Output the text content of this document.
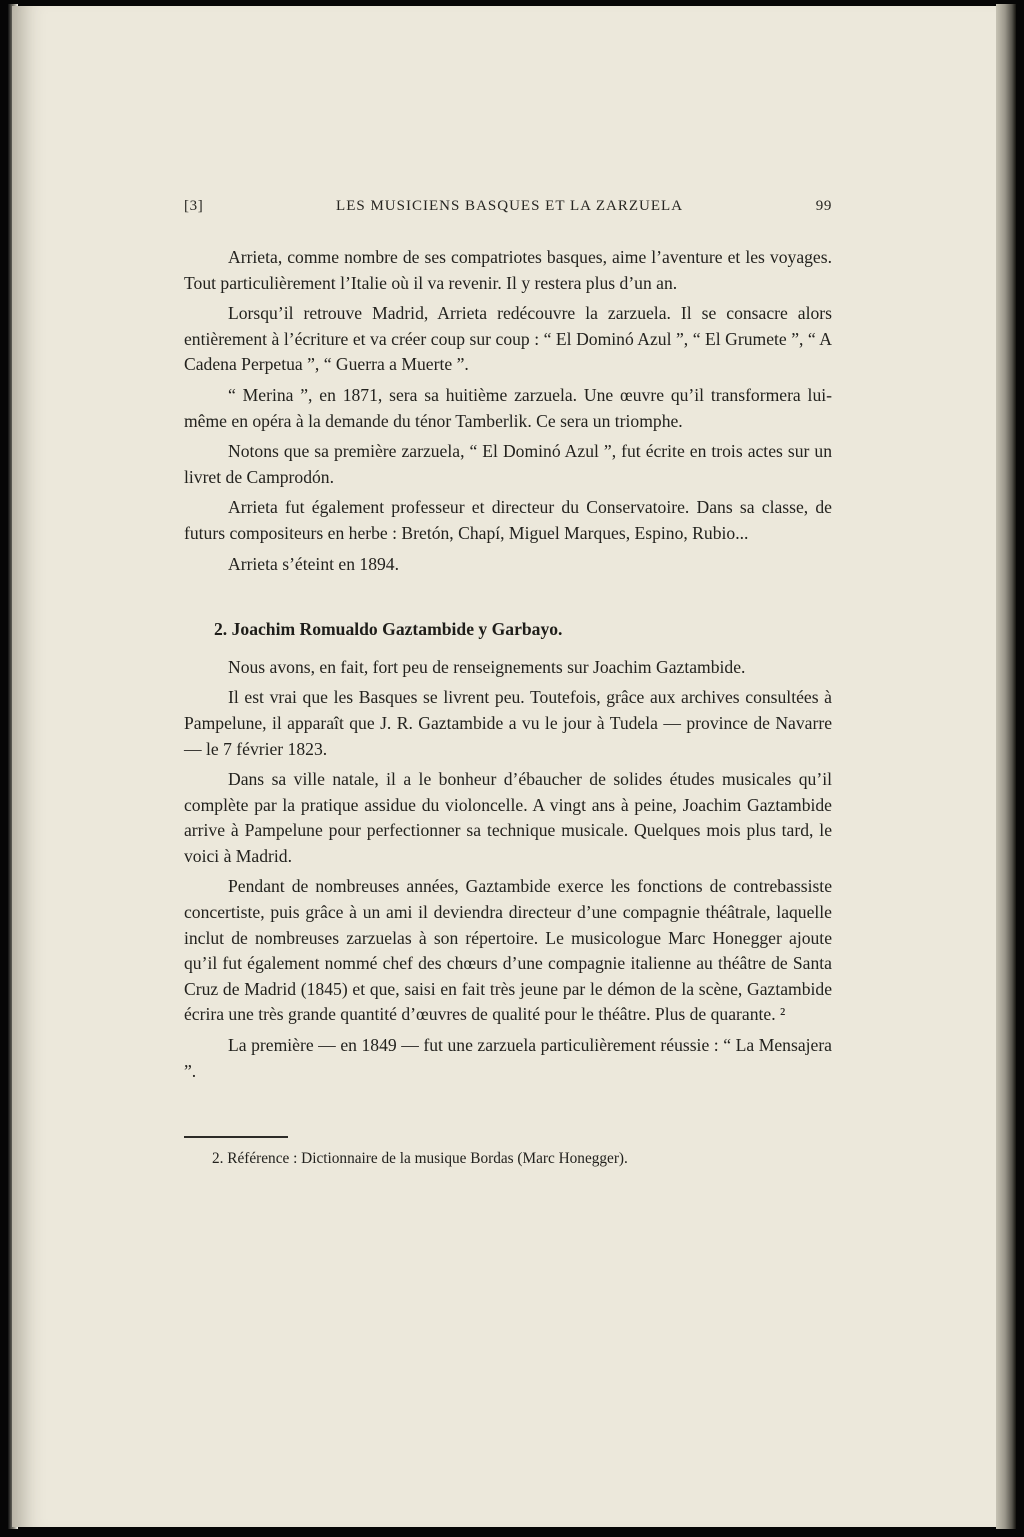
[3]	LES MUSICIENS BASQUES ET LA ZARZUELA	99

Arrieta, comme nombre de ses compatriotes basques, aime l’aventure et les voyages. Tout particulièrement l’Italie où il va revenir. Il y restera plus d’un an.

Lorsqu’il retrouve Madrid, Arrieta redécouvre la zarzuela. Il se consacre alors entièrement à l’écriture et va créer coup sur coup : “ El Dominó Azul ”, “ El Grumete ”, “ A Cadena Perpetua ”, “ Guerra a Muerte ”.

“ Merina ”, en 1871, sera sa huitième zarzuela. Une œuvre qu’il transformera lui-même en opéra à la demande du ténor Tamberlik. Ce sera un triomphe.

Notons que sa première zarzuela, “ El Dominó Azul ”, fut écrite en trois actes sur un livret de Camprodón.

Arrieta fut également professeur et directeur du Conservatoire. Dans sa classe, de futurs compositeurs en herbe : Bretón, Chapí, Miguel Marques, Espino, Rubio...

Arrieta s’éteint en 1894.

2. Joachim Romualdo Gaztambide y Garbayo.

Nous avons, en fait, fort peu de renseignements sur Joachim Gaztambide.

Il est vrai que les Basques se livrent peu. Toutefois, grâce aux archives consultées à Pampelune, il apparaît que J. R. Gaztambide a vu le jour à Tudela — province de Navarre — le 7 février 1823.

Dans sa ville natale, il a le bonheur d’ébaucher de solides études musicales qu’il complète par la pratique assidue du violoncelle. A vingt ans à peine, Joachim Gaztambide arrive à Pampelune pour perfectionner sa technique musicale. Quelques mois plus tard, le voici à Madrid.

Pendant de nombreuses années, Gaztambide exerce les fonctions de contrebassiste concertiste, puis grâce à un ami il deviendra directeur d’une compagnie théâtrale, laquelle inclut de nombreuses zarzuelas à son répertoire. Le musicologue Marc Honegger ajoute qu’il fut également nommé chef des chœurs d’une compagnie italienne au théâtre de Santa Cruz de Madrid (1845) et que, saisi en fait très jeune par le démon de la scène, Gaztambide écrira une très grande quantité d’œuvres de qualité pour le théâtre. Plus de quarante. ²

La première — en 1849 — fut une zarzuela particulièrement réussie : “ La Mensajera ”.

2. Référence : Dictionnaire de la musique Bordas (Marc Honegger).
